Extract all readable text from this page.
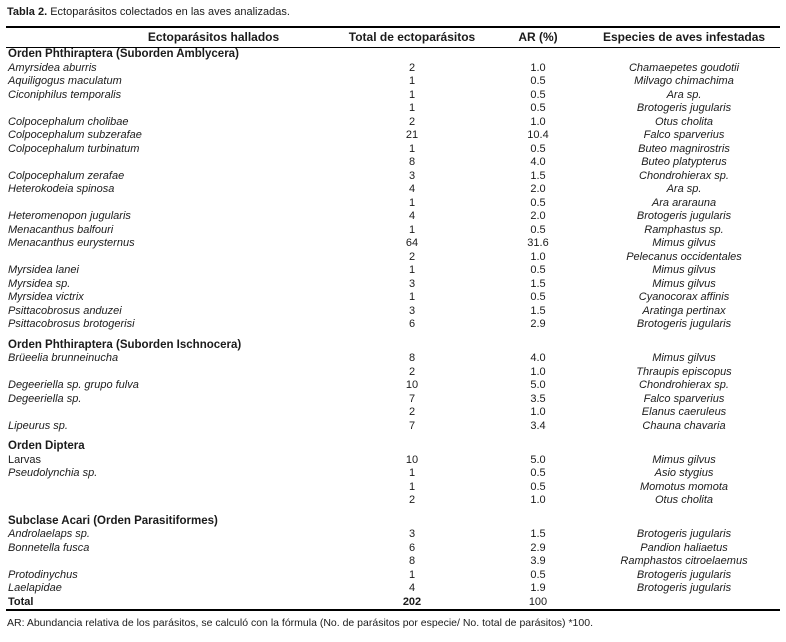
Tabla 2. Ectoparásitos colectados en las aves analizadas.

Ectoparásitos hallados	Total de ectoparásitos	AR (%)	Especies de aves infestadas
Orden Phthiraptera (Suborden Amblycera)			
Amyrsidea aburris	2	1.0	Chamaepetes goudotii
Aquiligogus maculatum	1	0.5	Milvago chimachima
Ciconiphilus temporalis	1	0.5	Ara sp.
	1	0.5	Brotogeris jugularis
Colpocephalum cholibae	2	1.0	Otus cholita
Colpocephalum subzerafae	21	10.4	Falco sparverius
Colpocephalum turbinatum	1	0.5	Buteo magnirostris
	8	4.0	Buteo platypterus
Colpocephalum zerafae	3	1.5	Chondrohierax sp.
Heterokodeia spinosa	4	2.0	Ara sp.
	1	0.5	Ara ararauna
Heteromenopon jugularis	4	2.0	Brotogeris jugularis
Menacanthus balfouri	1	0.5	Ramphastus sp.
Menacanthus eurysternus	64	31.6	Mimus gilvus
	2	1.0	Pelecanus occidentales
Myrsidea lanei	1	0.5	Mimus gilvus
Myrsidea sp.	3	1.5	Mimus gilvus
Myrsidea victrix	1	0.5	Cyanocorax affinis
Psittacobrosus anduzei	3	1.5	Aratinga pertinax
Psittacobrosus brotogerisi	6	2.9	Brotogeris jugularis

Orden Phthiraptera (Suborden Ischnocera)			
Brüeelia brunneinucha	8	4.0	Mimus gilvus
	2	1.0	Thraupis episcopus
Degeeriella sp. grupo fulva	10	5.0	Chondrohierax sp.
Degeeriella sp.	7	3.5	Falco sparverius
	2	1.0	Elanus caeruleus
Lipeurus sp.	7	3.4	Chauna chavaria

Orden Diptera			
Larvas	10	5.0	Mimus gilvus
Pseudolynchia sp.	1	0.5	Asio stygius
	1	0.5	Momotus momota
	2	1.0	Otus cholita

Subclase Acari (Orden Parasitiformes)			
Androlaelaps sp.	3	1.5	Brotogeris jugularis
Bonnetella fusca	6	2.9	Pandion haliaetus
	8	3.9	Ramphastos citroelaemus
Protodinychus	1	0.5	Brotogeris jugularis
Laelapidae	4	1.9	Brotogeris jugularis
Total	202	100	

AR: Abundancia relativa de los parásitos, se calculó con la fórmula (No. de parásitos por especie/ No. total de parásitos) *100.
